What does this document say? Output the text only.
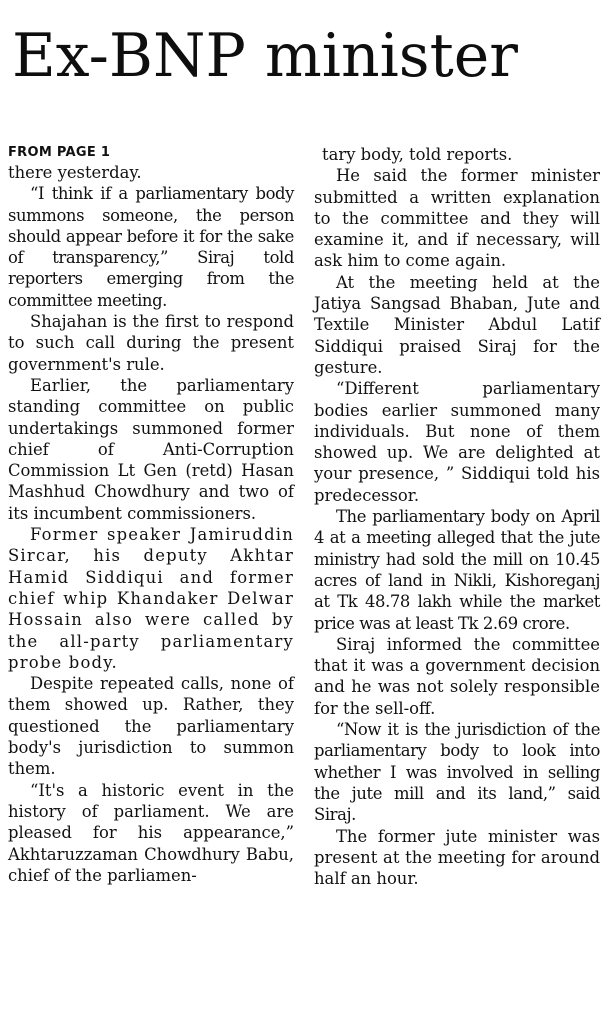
Ex-BNP minister
FROM PAGE 1

there yesterday.

“I think if a parliamentary body summons someone, the person should appear before it for the sake of transparency,” Siraj told reporters emerging from the committee meeting.

Shajahan is the first to respond to such call during the present government's rule.

Earlier, the parliamentary standing committee on public undertakings summoned former chief of Anti-Corruption Commission Lt Gen (retd) Hasan Mashhud Chowdhury and two of its incumbent commissioners.

Former speaker Jamiruddin Sircar, his deputy Akhtar Hamid Siddiqui and former chief whip Khandaker Delwar Hossain also were called by the all-party parliamentary probe body.

Despite repeated calls, none of them showed up. Rather, they questioned the parliamentary body's jurisdiction to summon them.

“It's a historic event in the history of parliament. We are pleased for his appearance,” Akhtaruzzaman Chowdhury Babu, chief of the parliamen-

tary body, told reports.

He said the former minister submitted a written explanation to the committee and they will examine it, and if necessary, will ask him to come again.

At the meeting held at the Jatiya Sangsad Bhaban, Jute and Textile Minister Abdul Latif Siddiqui praised Siraj for the gesture.

“Different parliamentary bodies earlier summoned many individuals. But none of them showed up. We are delighted at your presence, ” Siddiqui told his predecessor.

The parliamentary body on April 4 at a meeting alleged that the jute ministry had sold the mill on 10.45 acres of land in Nikli, Kishoreganj at Tk 48.78 lakh while the market price was at least Tk 2.69 crore.

Siraj informed the committee that it was a government decision and he was not solely responsible for the sell-off.

“Now it is the jurisdiction of the parliamentary body to look into whether I was involved in selling the jute mill and its land,” said Siraj.

The former jute minister was present at the meeting for around half an hour.
